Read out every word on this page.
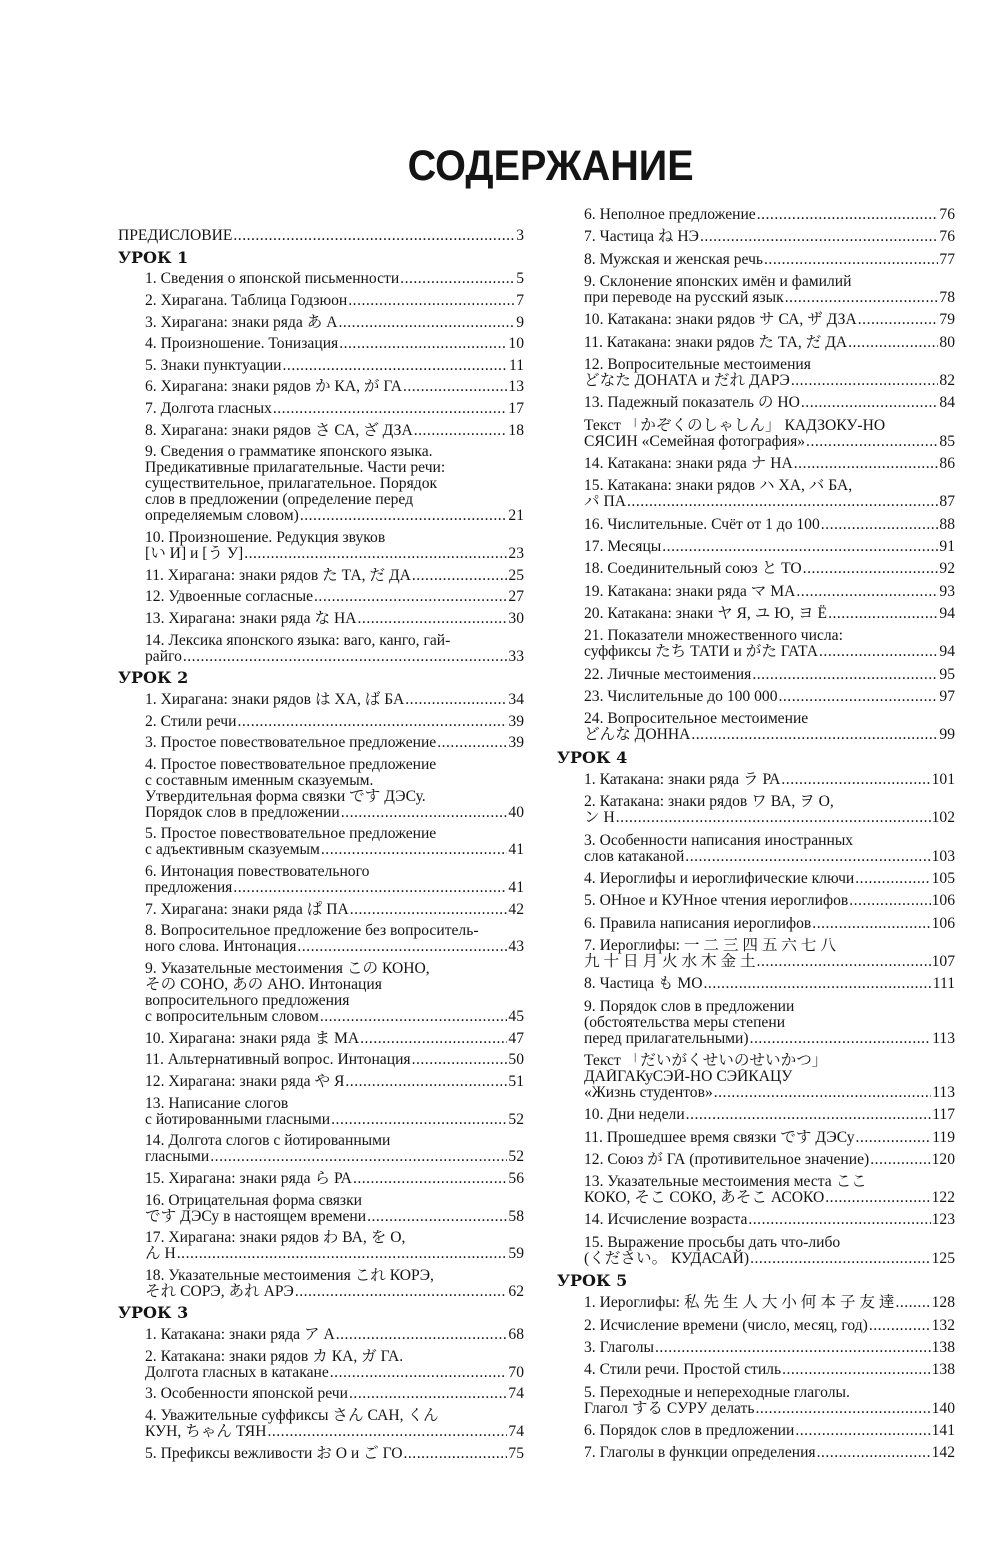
СОДЕРЖАНИЕ
ПРЕДИСЛОВИЕ .....	3
УРОК 1
1. Сведения о японской письменности .....	5
2. Хирагана. Таблица Годзюон .....	7
3. Хирагана: знаки ряда あ А .....	9
4. Произношение. Тонизация .....	10
5. Знаки пунктуации .....	11
6. Хирагана: знаки рядов か КА, が ГА .....	13
7. Долгота гласных .....	17
8. Хирагана: знаки рядов さ СА, ざ ДЗА .....	18
9. Сведения о грамматике японского языка.
Предикативные прилагательные. Части речи:
существительное, прилагательное. Порядок
слов в предложении (определение перед
определяемым словом) .....	21
10. Произношение. Редукция звуков
[い И] и [う У] .....	23
11. Хирагана: знаки рядов た ТА, だ ДА .....	25
12. Удвоенные согласные .....	27
13. Хирагана: знаки ряда な НА .....	30
14. Лексика японского языка: ваго, канго, гай-
райго .....	33
УРОК 2
1. Хирагана: знаки рядов は ХА, ば БА .....	34
2. Стили речи .....	39
3. Простое повествовательное предложение .....	39
4. Простое повествовательное предложение
с составным именным сказуемым.
Утвердительная форма связки です ДЭСу.
Порядок слов в предложении .....	40
5. Простое повествовательное предложение
с адъективным сказуемым .....	41
6. Интонация повествовательного
предложения .....	41
7. Хирагана: знаки ряда ぱ ПА .....	42
8. Вопросительное предложение без вопроситель-
ного слова. Интонация .....	43
9. Указательные местоимения この КОНО,
その СОНО, あの АНО. Интонация
вопросительного предложения
с вопросительным словом .....	45
10. Хирагана: знаки ряда ま МА .....	47
11. Альтернативный вопрос. Интонация .....	50
12. Хирагана: знаки ряда や Я .....	51
13. Написание слогов
с йотированными гласными .....	52
14. Долгота слогов с йотированными
гласными .....	52
15. Хирагана: знаки ряда ら РА .....	56
16. Отрицательная форма связки
です ДЭСу в настоящем времени .....	58
17. Хирагана: знаки рядов わ ВА, を О,
ん Н .....	59
18. Указательные местоимения これ КОРЭ,
それ СОРЭ, あれ АРЭ .....	62
УРОК 3
1. Катакана: знаки ряда ア А .....	68
2. Катакана: знаки рядов カ КА, ガ ГА.
Долгота гласных в катакане .....	70
3. Особенности японской речи .....	74
4. Уважительные суффиксы さん САН, くん
КУН, ちゃん ТЯН .....	74
5. Префиксы вежливости お О и ご ГО .....	75
6. Неполное предложение .....	76
7. Частица ね НЭ .....	76
8. Мужская и женская речь .....	77
9. Склонение японских имён и фамилий
при переводе на русский язык .....	78
10. Катакана: знаки рядов サ СА, ザ ДЗА .....	79
11. Катакана: знаки рядов た ТА, だ ДА .....	80
12. Вопросительные местоимения
どなた ДОНАТА и だれ ДАРЭ .....	82
13. Падежный показатель の НО .....	84
Текст 「かぞくのしゃしん」 КАДЗОКУ-НО
СЯСИН «Семейная фотография» .....	85
14. Катакана: знаки ряда ナ НА .....	86
15. Катакана: знаки рядов ハ ХА, バ БА,
パ ПА .....	87
16. Числительные. Счёт от 1 до 100 .....	88
17. Месяцы .....	91
18. Соединительный союз と ТО .....	92
19. Катакана: знаки ряда マ МА .....	93
20. Катакана: знаки ヤ Я, ユ Ю, ヨ Ё .....	94
21. Показатели множественного числа:
суффиксы たち ТАТИ и がた ГАТА .....	94
22. Личные местоимения .....	95
23. Числительные до 100 000 .....	97
24. Вопросительное местоимение
どんな ДОННА .....	99
УРОК 4
1. Катакана: знаки ряда ラ РА .....	101
2. Катакана: знаки рядов ワ ВА, ヲ О,
ン Н .....	102
3. Особенности написания иностранных
слов катаканой .....	103
4. Иероглифы и иероглифические ключи .....	105
5. ОНное и КУНное чтения иероглифов .....	106
6. Правила написания иероглифов .....	106
7. Иероглифы: 一 二 三 四 五 六 七 八
九 十 日 月 火 水 木 金 土 .....	107
8. Частица も МО .....	111
9. Порядок слов в предложении
(обстоятельства меры степени
перед прилагательными) .....	113
Текст 「だいがくせいのせいかつ」
ДАЙГАКуСЭЙ-НО СЭЙКАЦУ
«Жизнь студентов» .....	113
10. Дни недели .....	117
11. Прошедшее время связки です ДЭСу .....	119
12. Союз が ГА (противительное значение) .....	120
13. Указательные местоимения места ここ
КОКО, そこ СОКО, あそこ АСОКО .....	122
14. Исчисление возраста .....	123
15. Выражение просьбы дать что-либо
(ください。 КУДАСАЙ) .....	125
УРОК 5
1. Иероглифы: 私 先 生 人 大 小 何 本 子 友 達 ..... 128
2. Исчисление времени (число, месяц, год) .....	132
3. Глаголы .....	138
4. Стили речи. Простой стиль .....	138
5. Переходные и непереходные глаголы.
Глагол する СУРУ делать .....	140
6. Порядок слов в предложении .....	141
7. Глаголы в функции определения .....	142
